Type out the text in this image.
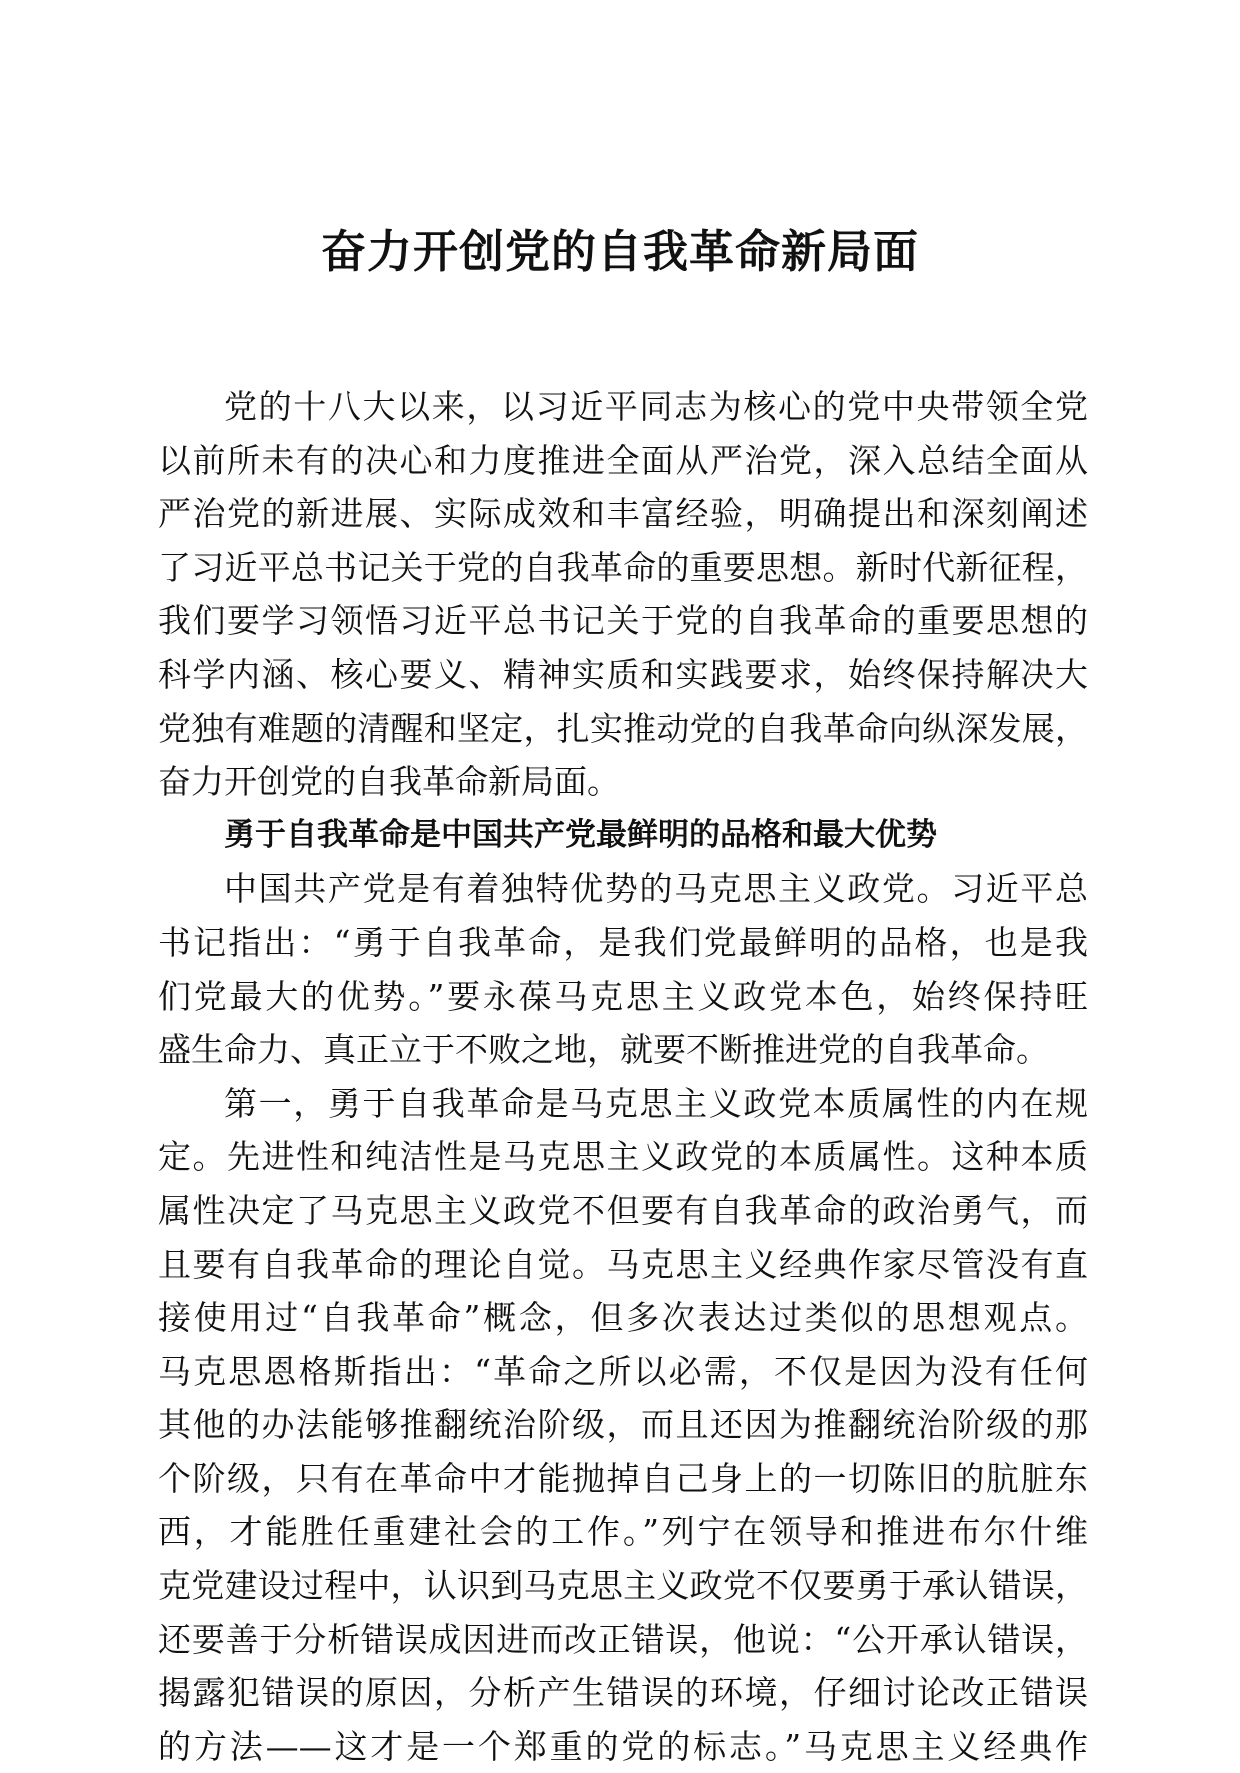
奋力开创党的自我革命新局面
党的十八大以来，以习近平同志为核心的党中央带领全党
以前所未有的决心和力度推进全面从严治党，深入总结全面从
严治党的新进展、实际成效和丰富经验，明确提出和深刻阐述
了习近平总书记关于党的自我革命的重要思想。新时代新征程，
我们要学习领悟习近平总书记关于党的自我革命的重要思想的
科学内涵、核心要义、精神实质和实践要求，始终保持解决大
党独有难题的清醒和坚定，扎实推动党的自我革命向纵深发展，
奋力开创党的自我革命新局面。
勇于自我革命是中国共产党最鲜明的品格和最大优势
中国共产党是有着独特优势的马克思主义政党。习近平总
书记指出：“勇于自我革命，是我们党最鲜明的品格，也是我
们党最大的优势。”要永葆马克思主义政党本色，始终保持旺
盛生命力、真正立于不败之地，就要不断推进党的自我革命。
第一，勇于自我革命是马克思主义政党本质属性的内在规
定。先进性和纯洁性是马克思主义政党的本质属性。这种本质
属性决定了马克思主义政党不但要有自我革命的政治勇气，而
且要有自我革命的理论自觉。马克思主义经典作家尽管没有直
接使用过“自我革命”概念，但多次表达过类似的思想观点。
马克思恩格斯指出：“革命之所以必需，不仅是因为没有任何
其他的办法能够推翻统治阶级，而且还因为推翻统治阶级的那
个阶级，只有在革命中才能抛掉自己身上的一切陈旧的肮脏东
西，才能胜任重建社会的工作。”列宁在领导和推进布尔什维
克党建设过程中，认识到马克思主义政党不仅要勇于承认错误，
还要善于分析错误成因进而改正错误，他说：“公开承认错误，
揭露犯错误的原因，分析产生错误的环境，仔细讨论改正错误
的方法——这才是一个郑重的党的标志。”马克思主义经典作
